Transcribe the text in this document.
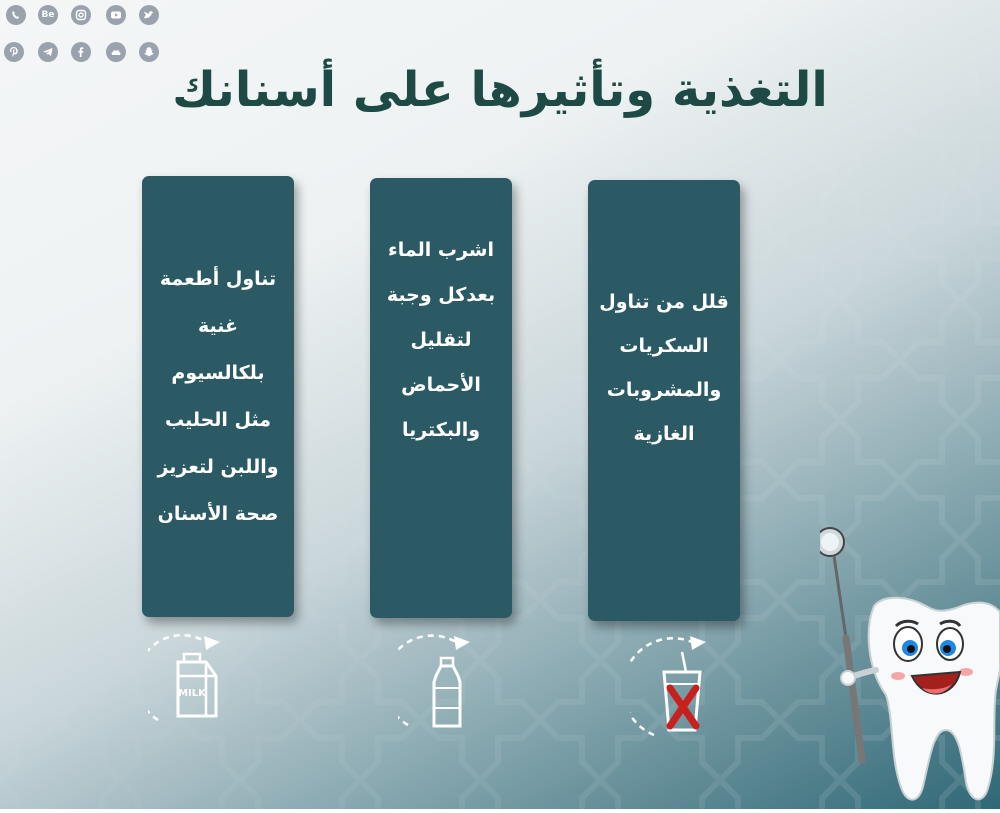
Be
التغذية وتأثيرها على أسنانك
تناول أطعمة غنية بلكالسيوم مثل الحليب واللبن لتعزيز صحة الأسنان
اشرب الماء بعدكل وجبة لتقليل الأحماض والبكتريا
قلل من تناول السكريات والمشروبات الغازية
MILK
